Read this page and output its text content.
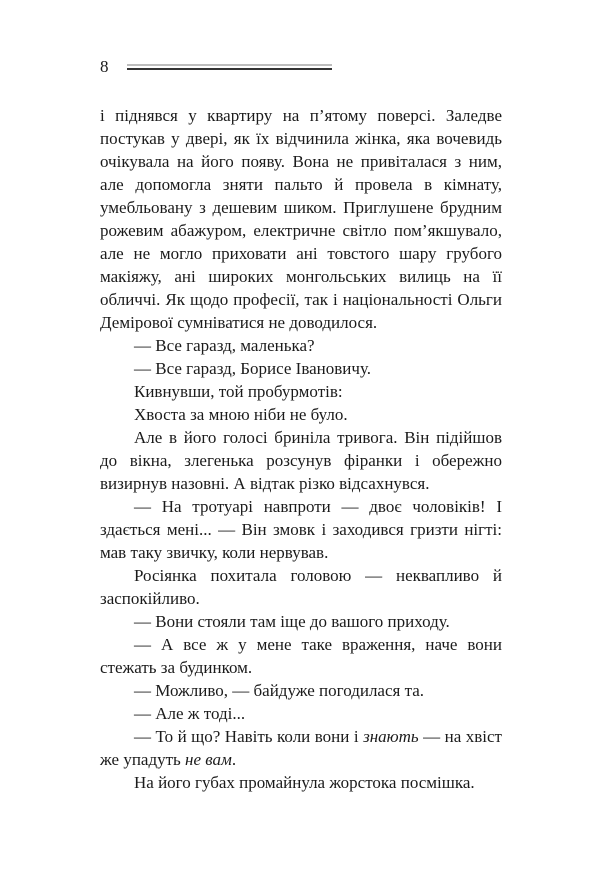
8

і піднявся у квартиру на п’ятому поверсі. Заледве постукав у двері, як їх відчинила жінка, яка вочевидь очікувала на його появу. Вона не привіталася з ним, але допомогла зняти пальто й провела в кімнату, умебльовану з дешевим шиком. Приглушене брудним рожевим абажуром, електричне світло пом’якшувало, але не могло приховати ані товстого шару грубого макіяжу, ані широких монгольських вилиць на її обличчі. Як щодо професії, так і національності Ольги Демірової сумніватися не доводилося.

— Все гаразд, маленька?

— Все гаразд, Борисе Івановичу.

Кивнувши, той пробурмотів:

Хвоста за мною ніби не було.

Але в його голосі бриніла тривога. Він підійшов до вікна, злегенька розсунув фіранки і обережно визирнув назовні. А відтак різко відсахнувся.

— На тротуарі навпроти — двоє чоловіків! І здається мені... — Він змовк і заходився гризти нігті: мав таку звичку, коли нервував.

Росіянка похитала головою — неквапливо й заспокійливо.

— Вони стояли там іще до вашого приходу.

— А все ж у мене таке враження, наче вони стежать за будинком.

— Можливо, — байдуже погодилася та.

— Але ж тоді...

— То й що? Навіть коли вони і знають — на хвіст же упадуть не вам.

На його губах промайнула жорстока посмішка.
